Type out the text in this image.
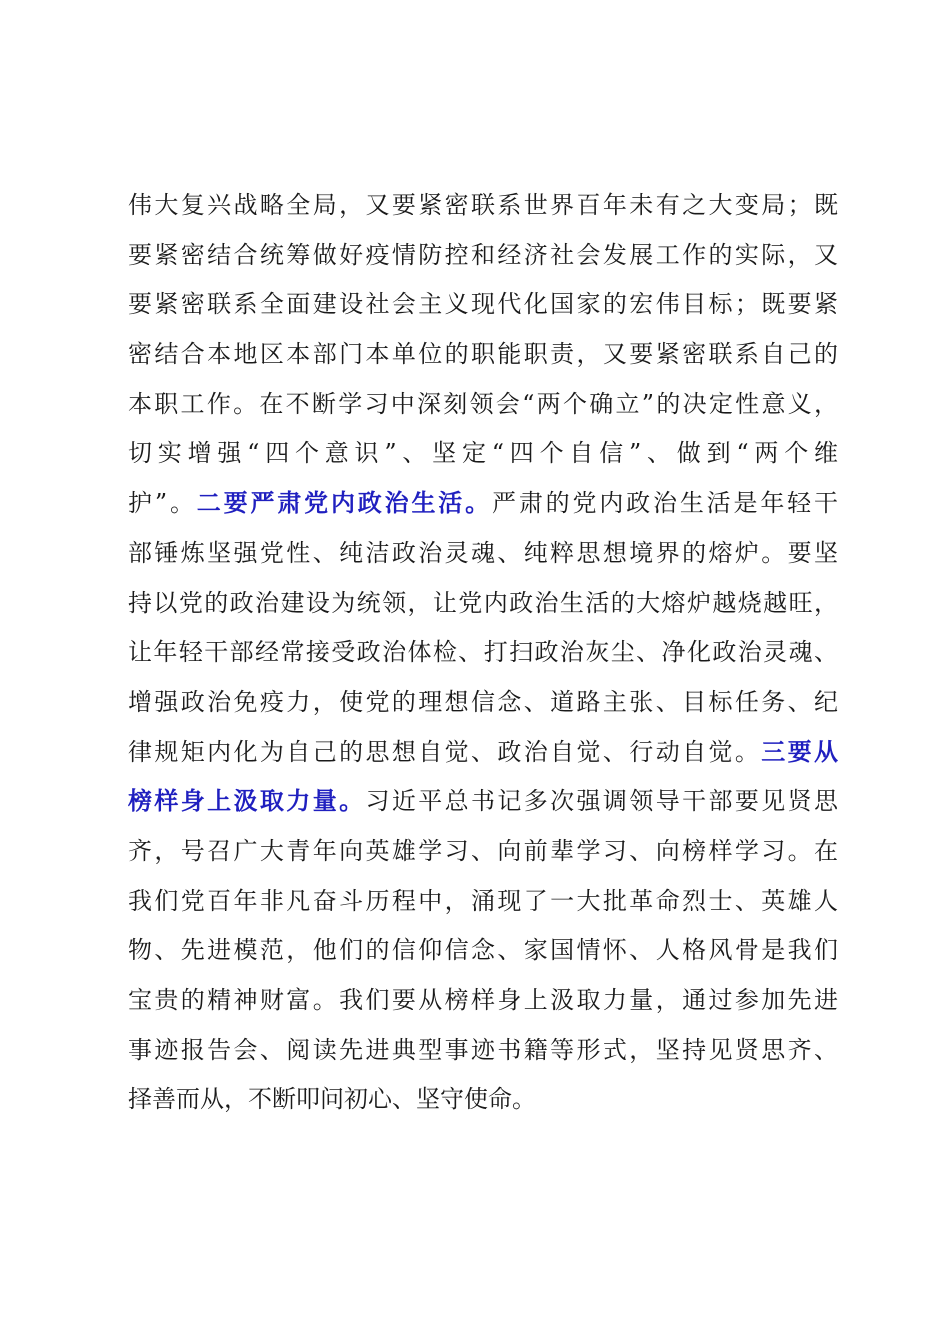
伟大复兴战略全局，又要紧密联系世界百年未有之大变局；既
要紧密结合统筹做好疫情防控和经济社会发展工作的实际，又
要紧密联系全面建设社会主义现代化国家的宏伟目标；既要紧
密结合本地区本部门本单位的职能职责，又要紧密联系自己的
本职工作。在不断学习中深刻领会“两个确立”的决定性意义，
切实增强“四个意识”、坚定“四个自信”、做到“两个维
护”。二要严肃党内政治生活。严肃的党内政治生活是年轻干
部锤炼坚强党性、纯洁政治灵魂、纯粹思想境界的熔炉。要坚
持以党的政治建设为统领，让党内政治生活的大熔炉越烧越旺，
让年轻干部经常接受政治体检、打扫政治灰尘、净化政治灵魂、
增强政治免疫力，使党的理想信念、道路主张、目标任务、纪
律规矩内化为自己的思想自觉、政治自觉、行动自觉。三要从
榜样身上汲取力量。习近平总书记多次强调领导干部要见贤思
齐，号召广大青年向英雄学习、向前辈学习、向榜样学习。在
我们党百年非凡奋斗历程中，涌现了一大批革命烈士、英雄人
物、先进模范，他们的信仰信念、家国情怀、人格风骨是我们
宝贵的精神财富。我们要从榜样身上汲取力量，通过参加先进
事迹报告会、阅读先进典型事迹书籍等形式，坚持见贤思齐、
择善而从，不断叩问初心、坚守使命。
